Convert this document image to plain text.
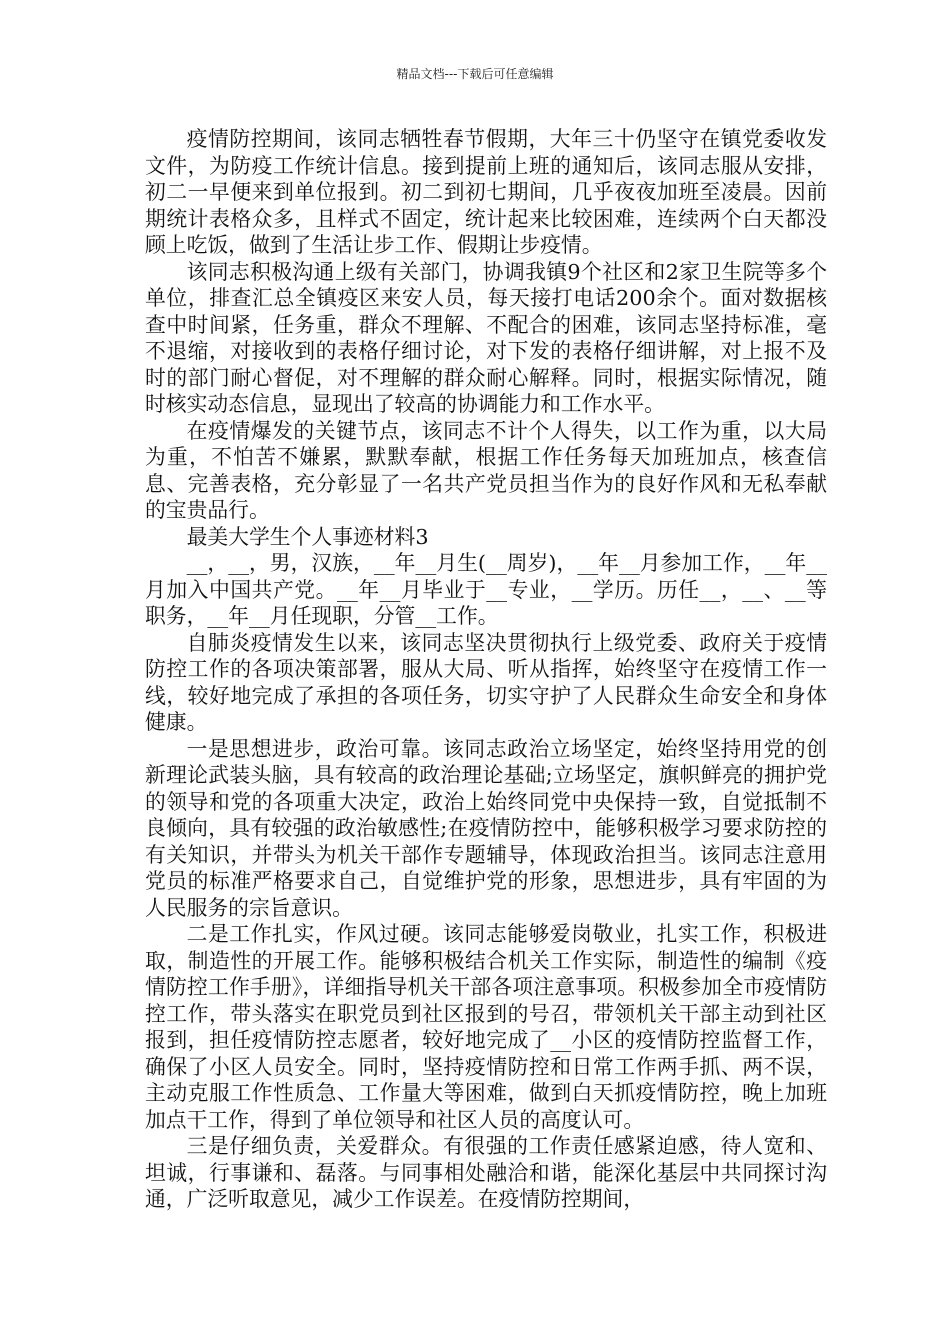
精品文档---下载后可任意编辑

疫情防控期间，该同志牺牲春节假期，大年三十仍坚守在镇党委收发文件，为防疫工作统计信息。接到提前上班的通知后，该同志服从安排，初二一早便来到单位报到。初二到初七期间，几乎夜夜加班至凌晨。因前期统计表格众多，且样式不固定，统计起来比较困难，连续两个白天都没顾上吃饭，做到了生活让步工作、假期让步疫情。

该同志积极沟通上级有关部门，协调我镇9个社区和2家卫生院等多个单位，排查汇总全镇疫区来安人员，每天接打电话200余个。面对数据核查中时间紧，任务重，群众不理解、不配合的困难，该同志坚持标准，毫不退缩，对接收到的表格仔细讨论，对下发的表格仔细讲解，对上报不及时的部门耐心督促，对不理解的群众耐心解释。同时，根据实际情况，随时核实动态信息，显现出了较高的协调能力和工作水平。

在疫情爆发的关键节点，该同志不计个人得失，以工作为重，以大局为重，不怕苦不嫌累，默默奉献，根据工作任务每天加班加点，核查信息、完善表格，充分彰显了一名共产党员担当作为的良好作风和无私奉献的宝贵品行。

最美大学生个人事迹材料3

__，__，男，汉族，__年__月生(__周岁)，__年__月参加工作，__年__月加入中国共产党。__年__月毕业于__专业，__学历。历任__，__、__等职务，__年__月任现职，分管__工作。

自肺炎疫情发生以来，该同志坚决贯彻执行上级党委、政府关于疫情防控工作的各项决策部署，服从大局、听从指挥，始终坚守在疫情工作一线，较好地完成了承担的各项任务，切实守护了人民群众生命安全和身体健康。

一是思想进步，政治可靠。该同志政治立场坚定，始终坚持用党的创新理论武装头脑，具有较高的政治理论基础;立场坚定，旗帜鲜亮的拥护党的领导和党的各项重大决定，政治上始终同党中央保持一致，自觉抵制不良倾向，具有较强的政治敏感性;在疫情防控中，能够积极学习要求防控的有关知识，并带头为机关干部作专题辅导，体现政治担当。该同志注意用党员的标准严格要求自己，自觉维护党的形象，思想进步，具有牢固的为人民服务的宗旨意识。

二是工作扎实，作风过硬。该同志能够爱岗敬业，扎实工作，积极进取，制造性的开展工作。能够积极结合机关工作实际，制造性的编制《疫情防控工作手册》，详细指导机关干部各项注意事项。积极参加全市疫情防控工作，带头落实在职党员到社区报到的号召，带领机关干部主动到社区报到，担任疫情防控志愿者，较好地完成了__小区的疫情防控监督工作，确保了小区人员安全。同时，坚持疫情防控和日常工作两手抓、两不误，主动克服工作性质急、工作量大等困难，做到白天抓疫情防控，晚上加班加点干工作，得到了单位领导和社区人员的高度认可。

三是仔细负责，关爱群众。有很强的工作责任感紧迫感，待人宽和、坦诚，行事谦和、磊落。与同事相处融洽和谐，能深化基层中共同探讨沟通，广泛听取意见，减少工作误差。在疫情防控期间，
